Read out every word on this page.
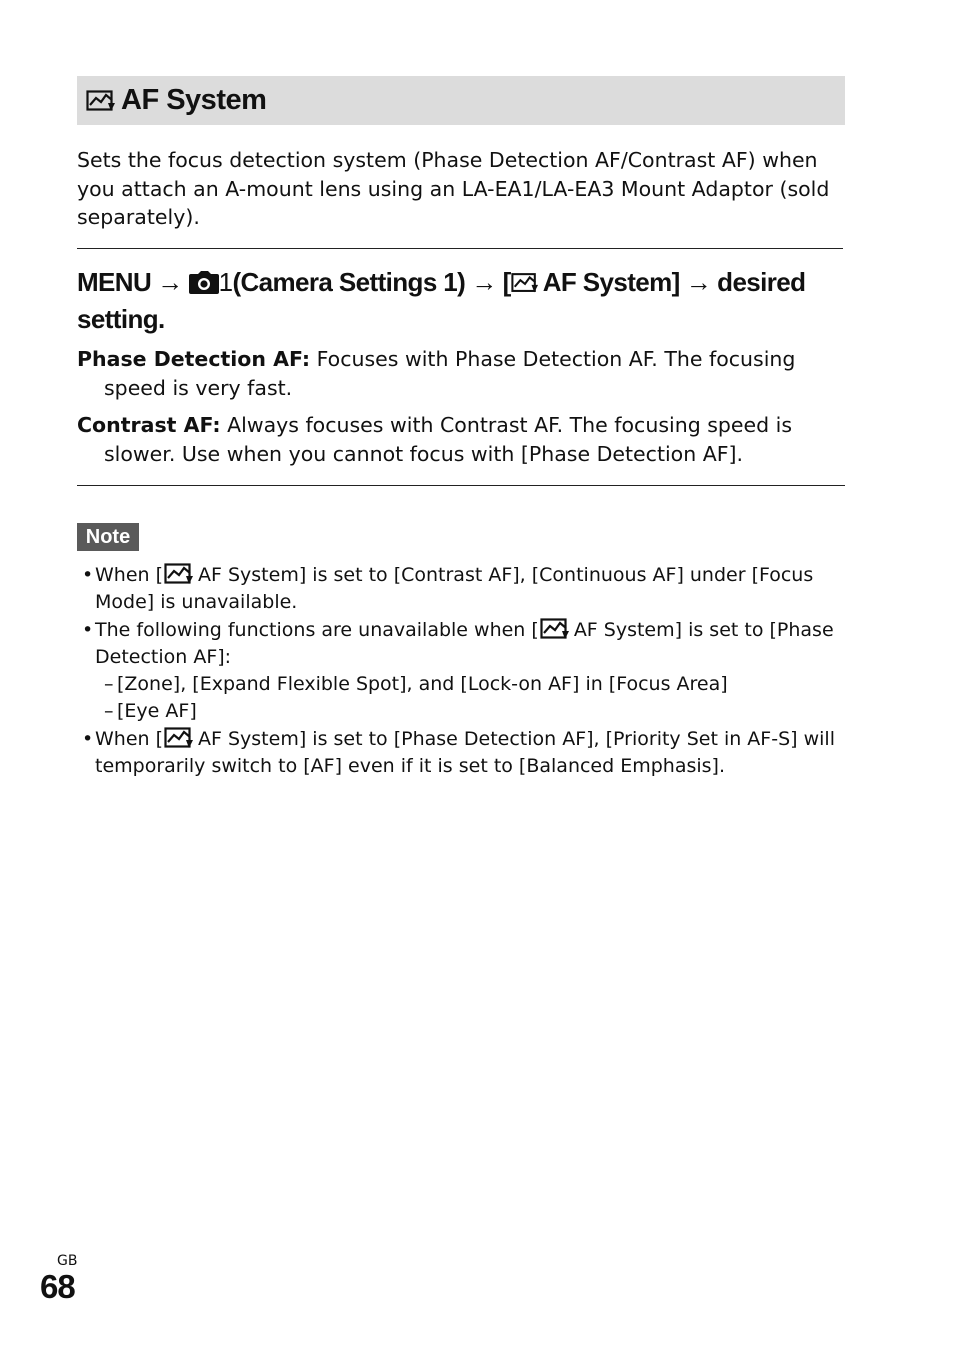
AF System
Sets the focus detection system (Phase Detection AF/Contrast AF) when you attach an A-mount lens using an LA-EA1/LA-EA3 Mount Adaptor (sold separately).
MENU → 1(Camera Settings 1) → [ AF System] → desired setting.
Phase Detection AF: Focuses with Phase Detection AF. The focusing speed is very fast.
Contrast AF: Always focuses with Contrast AF. The focusing speed is slower. Use when you cannot focus with [Phase Detection AF].
Note
• When [ AF System] is set to [Contrast AF], [Continuous AF] under [Focus Mode] is unavailable.
• The following functions are unavailable when [ AF System] is set to [Phase Detection AF]:
– [Zone], [Expand Flexible Spot], and [Lock-on AF] in [Focus Area]
– [Eye AF]
• When [ AF System] is set to [Phase Detection AF], [Priority Set in AF-S] will temporarily switch to [AF] even if it is set to [Balanced Emphasis].
GB
68
